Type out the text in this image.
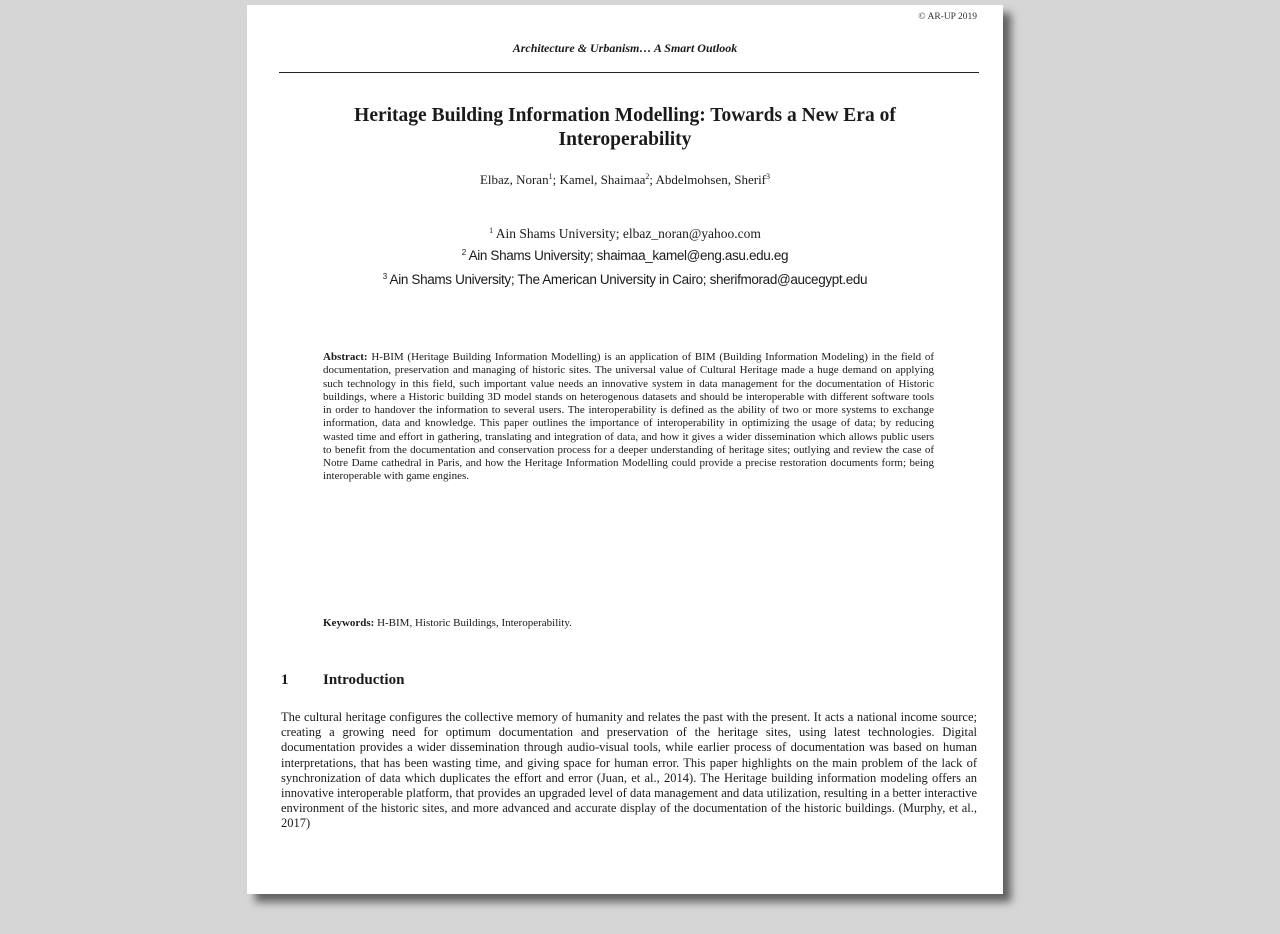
© AR-UP 2019
Architecture & Urbanism… A Smart Outlook
Heritage Building Information Modelling: Towards a New Era of Interoperability
Elbaz, Noran$^1$; Kamel, Shaimaa$^2$; Abdelmohsen, Sherif$^3$
$^1$ Ain Shams University; elbaz_noran@yahoo.com
$^2$ Ain Shams University; shaimaa_kamel@eng.asu.edu.eg
$^3$ Ain Shams University; The American University in Cairo; sherifmorad@aucegypt.edu
Abstract: H-BIM (Heritage Building Information Modelling) is an application of BIM (Building Information Modeling) in the field of documentation, preservation and managing of historic sites. The universal value of Cultural Heritage made a huge demand on applying such technology in this field, such important value needs an innovative system in data management for the documentation of Historic buildings, where a Historic building 3D model stands on heterogenous datasets and should be interoperable with different software tools in order to handover the information to several users. The interoperability is defined as the ability of two or more systems to exchange information, data and knowledge. This paper outlines the importance of interoperability in optimizing the usage of data; by reducing wasted time and effort in gathering, translating and integration of data, and how it gives a wider dissemination which allows public users to benefit from the documentation and conservation process for a deeper understanding of heritage sites; outlying and review the case of Notre Dame cathedral in Paris, and how the Heritage Information Modelling could provide a precise restoration documents form; being interoperable with game engines.
Keywords: H-BIM, Historic Buildings, Interoperability.
1 Introduction
The cultural heritage configures the collective memory of humanity and relates the past with the present. It acts a national income source; creating a growing need for optimum documentation and preservation of the heritage sites, using latest technologies. Digital documentation provides a wider dissemination through audio-visual tools, while earlier process of documentation was based on human interpretations, that has been wasting time, and giving space for human error. This paper highlights on the main problem of the lack of synchronization of data which duplicates the effort and error (Juan, et al., 2014). The Heritage building information modeling offers an innovative interoperable platform, that provides an upgraded level of data management and data utilization, resulting in a better interactive environment of the historic sites, and more advanced and accurate display of the documentation of the historic buildings. (Murphy, et al., 2017)
